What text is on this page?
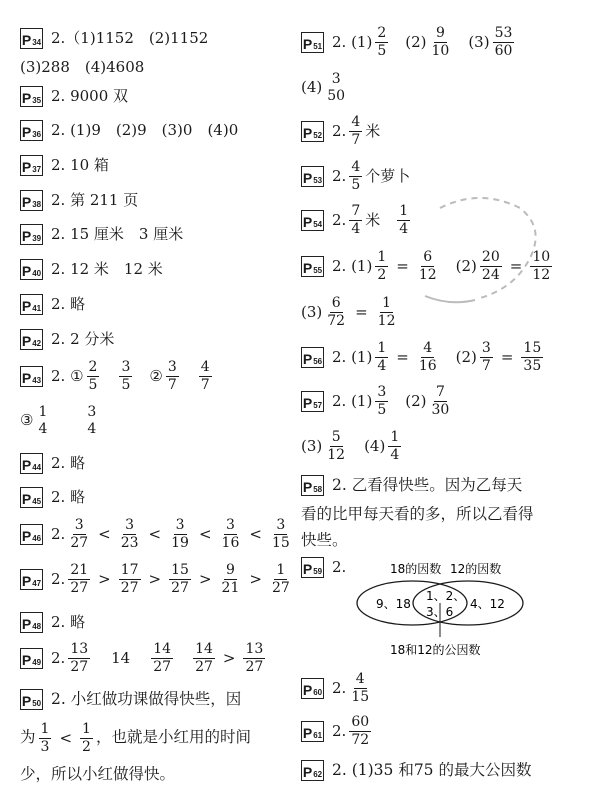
P 34 2.（1)1152　(2)1152
(3)288　(4)4608
P 35 2. 9000 双
P 36 2. (1)9　(2)9　(3)0　(4)0
P 37 2. 10 箱
P 38 2. 第 211 页
P 39 2. 15 厘米　3 厘米
P 40 2. 12 米　12 米
P 41 2. 略
P 42 2. 2 分米
P 43 2. ① $\frac{2}{5} \frac{3}{5}$ ② $\frac{3}{7} \frac{4}{7}$
③ 1
4
3
4
P 44 2. 略
P 45 2. 略
P 46 2. $\frac{3}{27} < \frac{3}{23} < \frac{3}{19} < \frac{3}{16} < \frac{3}{15}$
P 47 2. $\frac{21}{27} > \frac{17}{27} > \frac{15}{27} > \frac{9}{21} > \frac{1}{27}$
P 48 2. 略
P 49 2. $\frac{13}{27} 14 \frac{14}{27} \frac{14}{27} > \frac{13}{27}$
P 50 2. 小红做功课做得快些，因
为 $\frac{1}{3} < \frac{1}{2}$ ，也就是小红用的时间
少，所以小红做得快。
P 51 2. $(1) \frac{2}{5} (2) \frac{9}{10} (3) \frac{53}{60}$
(4) 3
50
P 52 2. $\frac{4}{7}$ 米
P 53 2. $\frac{4}{5}$ 个萝卜
P 54 2. $\frac{7}{4}$ 米 $\frac{1}{4}$
P 55 2. $(1) \frac{1}{2} = \frac{6}{12} (2) \frac{20}{24} = \frac{10}{12}$
$(3) \frac{6}{72} = \frac{1}{12}$
P 56 2. $(1) \frac{1}{4} = \frac{4}{16} (2) \frac{3}{7} = \frac{15}{35}$
P 57 2. $(1) \frac{3}{5} (2) \frac{7}{30}$
$(3) \frac{5}{12} (4) \frac{1}{4}$
P 58 2. 乙看得快些。因为乙每天
看的比甲每天看的多，所以乙看得
快些。
P 59 2.	18的因数 12的因数
9、18
1、2、
3、6
4、12
18和12的公因数
P 60 2. $\frac{4}{15}$
P 61 2. $\frac{60}{72}$
P 62 2. (1)35 和75 的最大公因数
